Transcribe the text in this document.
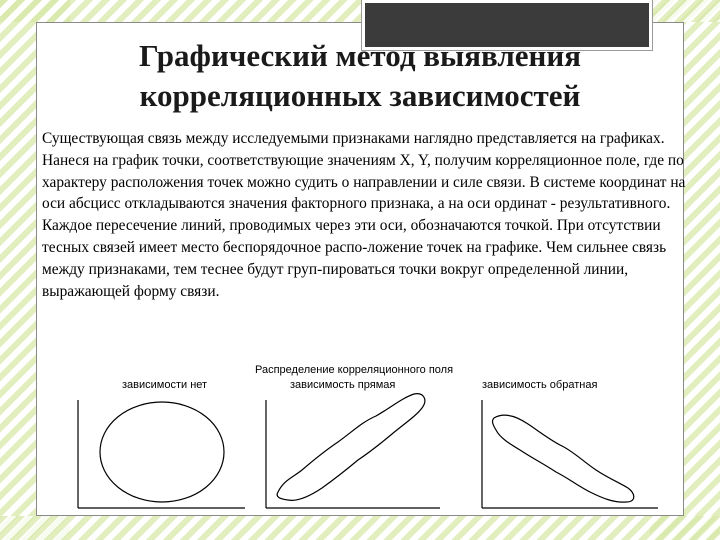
Графический метод выявления
корреляционных зависимостей
Существующая связь между исследуемыми признаками наглядно представляется на графиках. Нанеся на график точки, соответствующие значениям X, Y, получим корреляционное поле, где по характеру расположения точек можно судить о направлении и силе связи. В системе координат на оси абсцисс откладываются значения факторного признака, а на оси ординат - результативного. Каждое пересечение линий, проводимых через эти оси, обозначаются точкой. При отсутствии тесных связей имеет место беспорядочное распо-ложение точек на графике. Чем сильнее связь между признаками, тем теснее будут груп-пироваться точки вокруг определенной линии, выражающей форму связи.
Распределение корреляционного поля
зависимости нет	зависимость прямая	зависимость обратная
